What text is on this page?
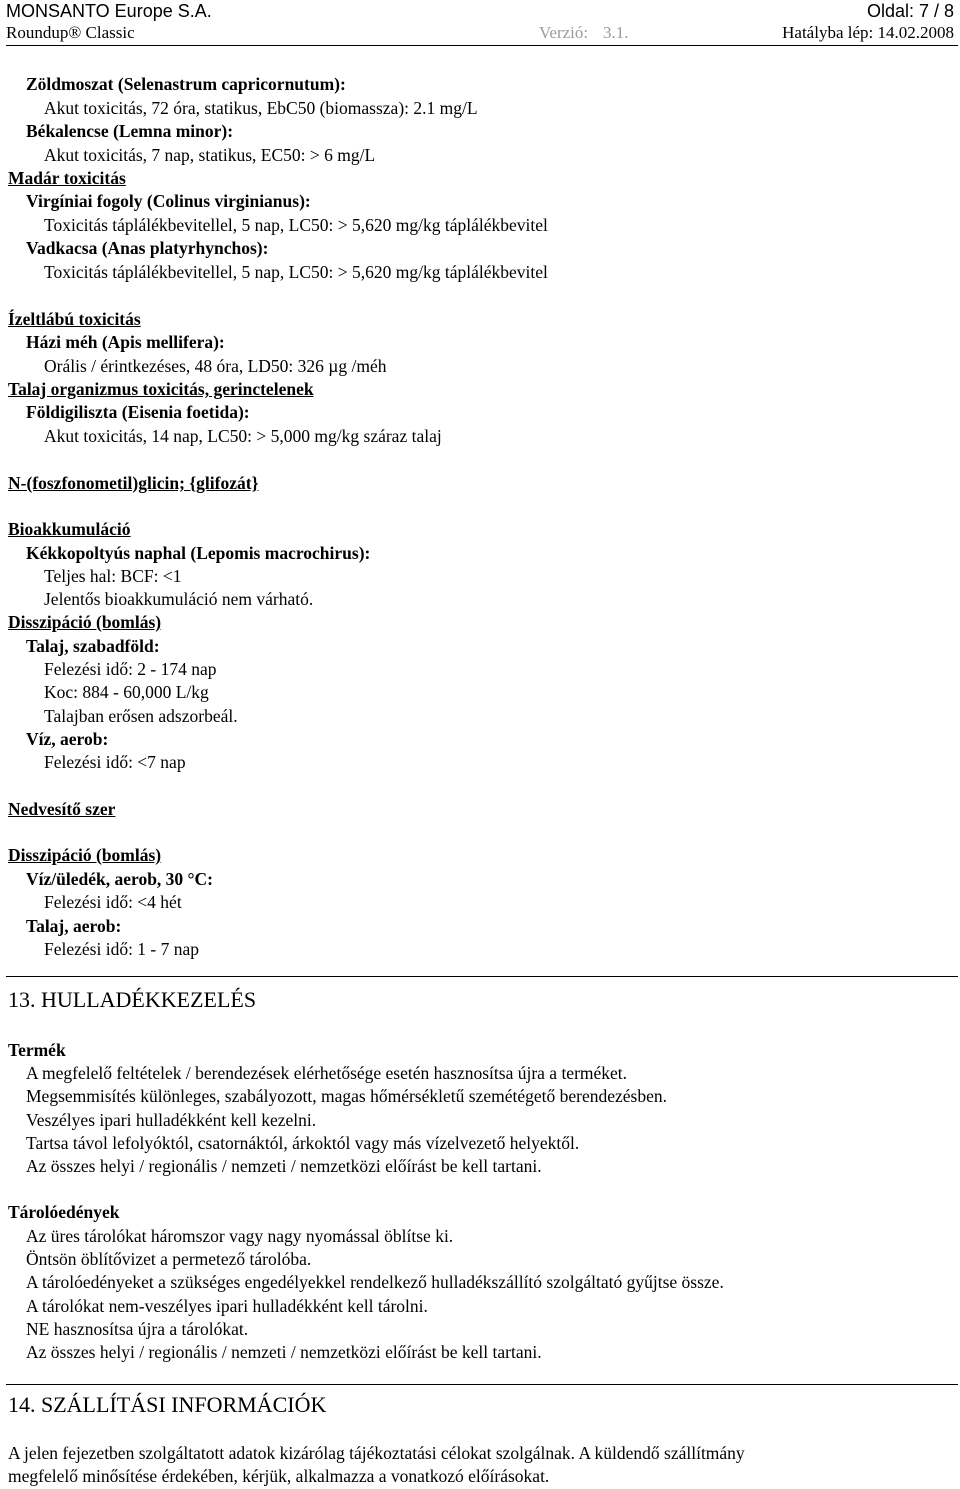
MONSANTO Europe S.A.	Oldal: 7 / 8
Roundup® Classic	Verzió: 3.1.	Hatályba lép: 14.02.2008
Zöldmoszat (Selenastrum capricornutum):
Akut toxicitás, 72 óra, statikus, EbC50 (biomassza): 2.1 mg/L
Békalencse (Lemna minor):
Akut toxicitás, 7 nap, statikus, EC50: > 6 mg/L
Madár toxicitás
Virgíniai fogoly (Colinus virginianus):
Toxicitás táplálékbevitellel, 5 nap, LC50: > 5,620 mg/kg táplálékbevitel
Vadkacsa (Anas platyrhynchos):
Toxicitás táplálékbevitellel, 5 nap, LC50: > 5,620 mg/kg táplálékbevitel
Ízeltlábú toxicitás
Házi méh (Apis mellifera):
Orális / érintkezéses, 48 óra, LD50: 326 µg /méh
Talaj organizmus toxicitás, gerinctelenek
Földigiliszta (Eisenia foetida):
Akut toxicitás, 14 nap, LC50: > 5,000 mg/kg száraz talaj
N-(foszfonometil)glicin; {glifozát}
Bioakkumuláció
Kékkopoltyús naphal (Lepomis macrochirus):
Teljes hal: BCF: <1
Jelentős bioakkumuláció nem várható.
Disszipáció (bomlás)
Talaj, szabadföld:
Felezési idő: 2 - 174 nap
Koc: 884 - 60,000 L/kg
Talajban erősen adszorbeál.
Víz, aerob:
Felezési idő: <7 nap
Nedvesítő szer
Disszipáció (bomlás)
Víz/üledék, aerob, 30 °C:
Felezési idő: <4 hét
Talaj, aerob:
Felezési idő: 1 - 7 nap
13. HULLADÉKKEZELÉS
Termék
A megfelelő feltételek / berendezések elérhetősége esetén hasznosítsa újra a terméket.
Megsemmisítés különleges, szabályozott, magas hőmérsékletű szemétégető berendezésben.
Veszélyes ipari hulladékként kell kezelni.
Tartsa távol lefolyóktól, csatornáktól, árkoktól vagy más vízelvezető helyektől.
Az összes helyi / regionális / nemzeti / nemzetközi előírást be kell tartani.
Tárolóedények
Az üres tárolókat háromszor vagy nagy nyomással öblítse ki.
Öntsön öblítővizet a permetező tárolóba.
A tárolóedényeket a szükséges engedélyekkel rendelkező hulladékszállító szolgáltató gyűjtse össze.
A tárolókat nem-veszélyes ipari hulladékként kell tárolni.
NE hasznosítsa újra a tárolókat.
Az összes helyi / regionális / nemzeti / nemzetközi előírást be kell tartani.
14. SZÁLLÍTÁSI INFORMÁCIÓK
A jelen fejezetben szolgáltatott adatok kizárólag tájékoztatási célokat szolgálnak. A küldendő szállítmány
megfelelő minősítése érdekében, kérjük, alkalmazza a vonatkozó előírásokat.
